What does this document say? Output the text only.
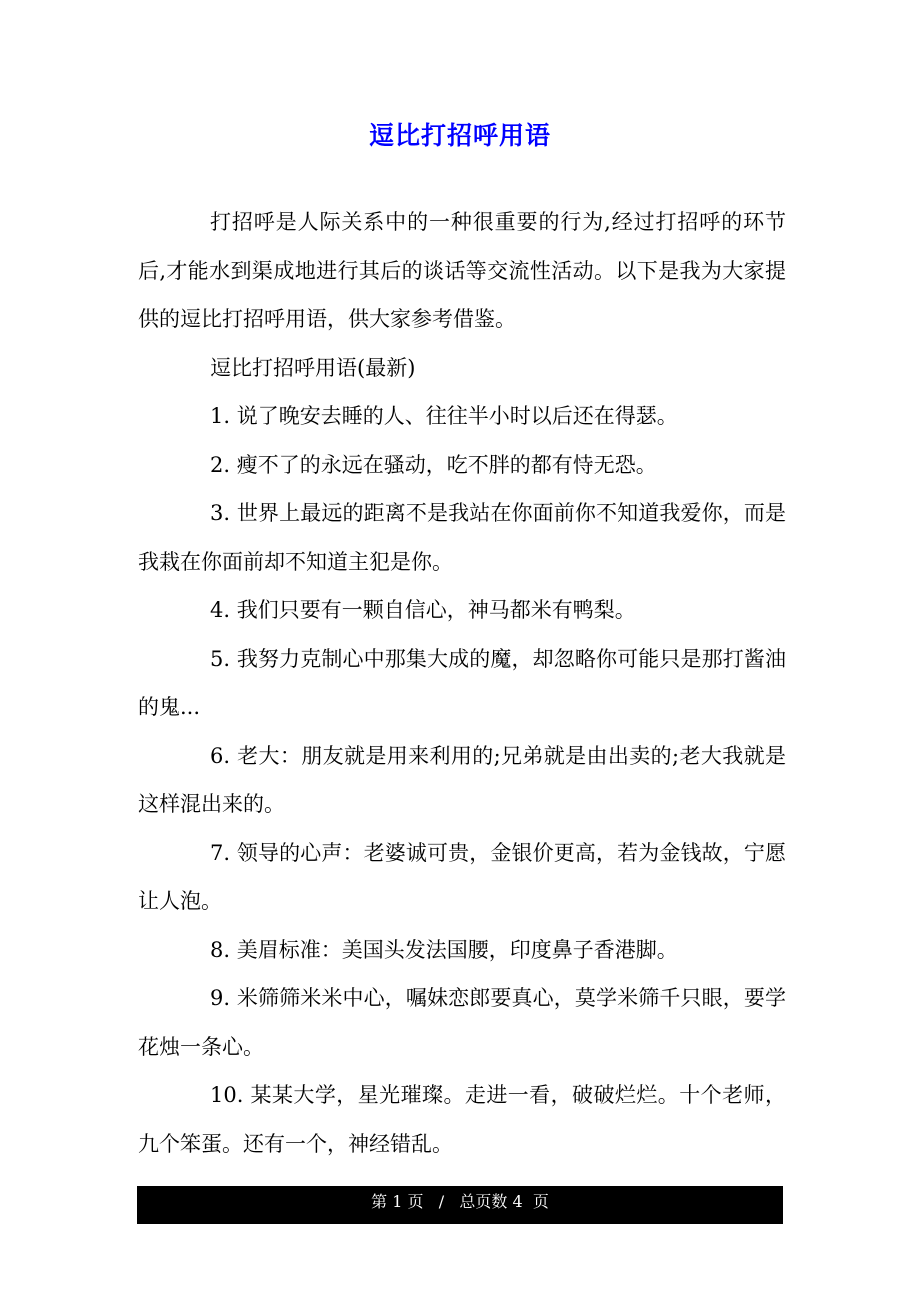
逗比打招呼用语

打招呼是人际关系中的一种很重要的行为,经过打招呼的环节后,才能水到渠成地进行其后的谈话等交流性活动。以下是我为大家提供的逗比打招呼用语，供大家参考借鉴。

逗比打招呼用语(最新)

1. 说了晚安去睡的人、往往半小时以后还在得瑟。

2. 瘦不了的永远在骚动，吃不胖的都有恃无恐。

3. 世界上最远的距离不是我站在你面前你不知道我爱你，而是我栽在你面前却不知道主犯是你。

4. 我们只要有一颗自信心，神马都米有鸭梨。

5. 我努力克制心中那集大成的魔，却忽略你可能只是那打酱油的鬼...

6. 老大：朋友就是用来利用的;兄弟就是由出卖的;老大我就是这样混出来的。

7. 领导的心声：老婆诚可贵，金银价更高，若为金钱故，宁愿让人泡。

8. 美眉标准：美国头发法国腰，印度鼻子香港脚。

9. 米筛筛米米中心，嘱妹恋郎要真心，莫学米筛千只眼，要学花烛一条心。

10. 某某大学，星光璀璨。走进一看，破破烂烂。十个老师，九个笨蛋。还有一个，神经错乱。

第 1 页   /   总页数 4  页
